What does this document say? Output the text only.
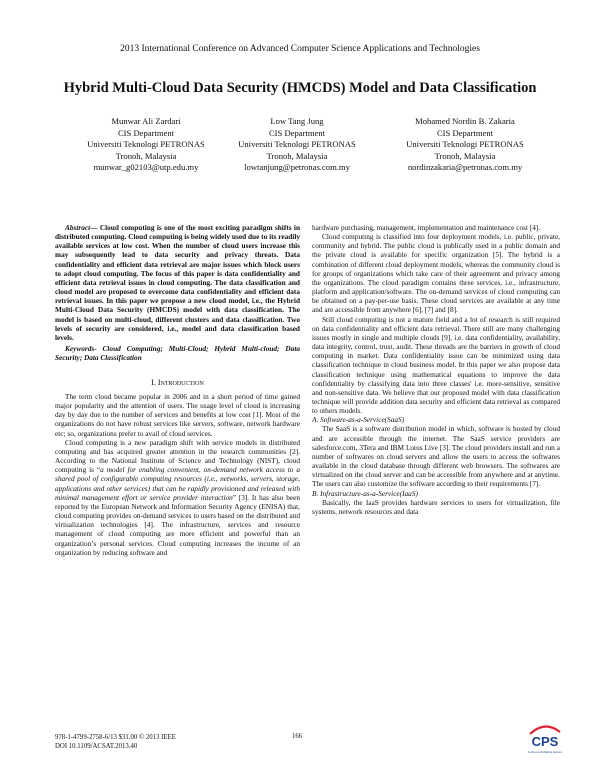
2013 International Conference on Advanced Computer Science Applications and Technologies
Hybrid Multi-Cloud Data Security (HMCDS) Model and Data Classification
Munwar Ali Zardari
CIS Department
Universiti Teknologi PETRONAS
Tronoh, Malaysia
munwar_g02103@utp.edu.my
Low Tang Jung
CIS Department
Universiti Teknologi PETRONAS
Tronoh, Malaysia
lowtanjung@petronas.com.my
Mohamed Nordin B. Zakaria
CIS Department
Universiti Teknologi PETRONAS
Tronoh, Malaysia
nordinzakaria@petronas.com.my

Abstract— Cloud computing is one of the most exciting paradigm shifts in distributed computing. Cloud computing is being widely used due to its readily available services at low cost. When the number of cloud users increase this may subsequently lead to data security and privacy threats. Data confidentiality and efficient data retrieval are major issues which block users to adopt cloud computing. The focus of this paper is data confidentiality and efficient data retrieval issues in cloud computing. The data classification and cloud model are proposed to overcome data confidentiality and efficient data retrieval issues. In this paper we propose a new cloud model, i.e., the Hybrid Multi-Cloud Data Security (HMCDS) model with data classification. The model is based on multi-cloud, different clusters and data classification. Two levels of security are considered, i.e., model and data classification based levels.

Keywords- Cloud Computing; Multi-Cloud; Hybrid Multi-cloud; Data Security; Data Classification
I. Introduction

The term cloud became popular in 2006 and in a short period of time gained major popularity and the attention of users. The usage level of cloud is increasing day by day due to the number of services and benefits at low cost [1]. Most of the organizations do not have robust services like servers, software, network hardware etc; so, organizations prefer to avail of cloud services.

Cloud computing is a new paradigm shift with service models in distributed computing and has acquired greater attention in the research communities [2]. According to the National Institute of Science and Technology (NIST), cloud computing is “a model for enabling convenient, on-demand network access to a shared pool of configurable computing resources (i.e., networks, servers, storage, applications and other services) that can be rapidly provisioned and released with minimal management effort or service provider interaction” [3]. It has also been reported by the European Network and Information Security Agency (ENISA) that, cloud computing provides on-demand services to users based on the distributed and virtualization technologies [4]. The infrastructure, services and resource management of cloud computing are more efficient and powerful than an organization’s personal services. Cloud computing increases the income of an organization by reducing software and

hardware purchasing, management, implementation and maintenance cost [4].

Cloud computing is classified into four deployment models, i.e. public, private, community and hybrid. The public cloud is publically used in a public domain and the private cloud is available for specific organization [5]. The hybrid is a combination of different cloud deployment models, whereas the community cloud is for groups of organizations which take care of their agreement and privacy among the organizations. The cloud paradigm contains three services, i.e., infrastructure, platform and application/software. The on-demand services of cloud computing can be obtained on a pay-per-use basis. These cloud services are available at any time and are accessible from anywhere [6], [7] and [8].

Still cloud computing is not a mature field and a lot of research is still required on data confidentiality and efficient data retrieval. There still are many challenging issues mostly in single and multiple clouds [9], i.e. data confidentiality, availability, data integrity, control, trust, audit. These threads are the barriers in growth of cloud computing in market. Data confidentiality issue can be minimized using data classification technique in cloud business model. In this paper we also propose data classification technique using mathematical equations to improve the data confidentiality by classifying data into three classes' i.e. more-sensitive, sensitive and non-sensitive data. We believe that our proposed model with data classification technique will provide addition data security and efficient data retrieval as compared to others models.

A. Software-as-a-Service(SaaS)

The SaaS is a software distribution model in which, software is hosted by cloud and are accessible through the internet. The SaaS service providers are salesforce.com, 3Tera and IBM Lotus Live [3]. The cloud providers install and run a number of softwares on cloud servers and allow the users to access the softwares available in the cloud database through different web browsers. The softwares are virtualized on the cloud server and can be accessible from anywhere and at anytime. The users can also customize the software according to their requirements [7].

B. Infrastructure-as-a-Service(IaaS)

Basically, the IaaS provides hardware services to users for virtualization, file systems, network resources and data

978-1-4799-2758-6/13 $31.00 © 2013 IEEE
DOI 10.1109/ACSAT.2013.40
166	CPS
Conference Publishing Services
